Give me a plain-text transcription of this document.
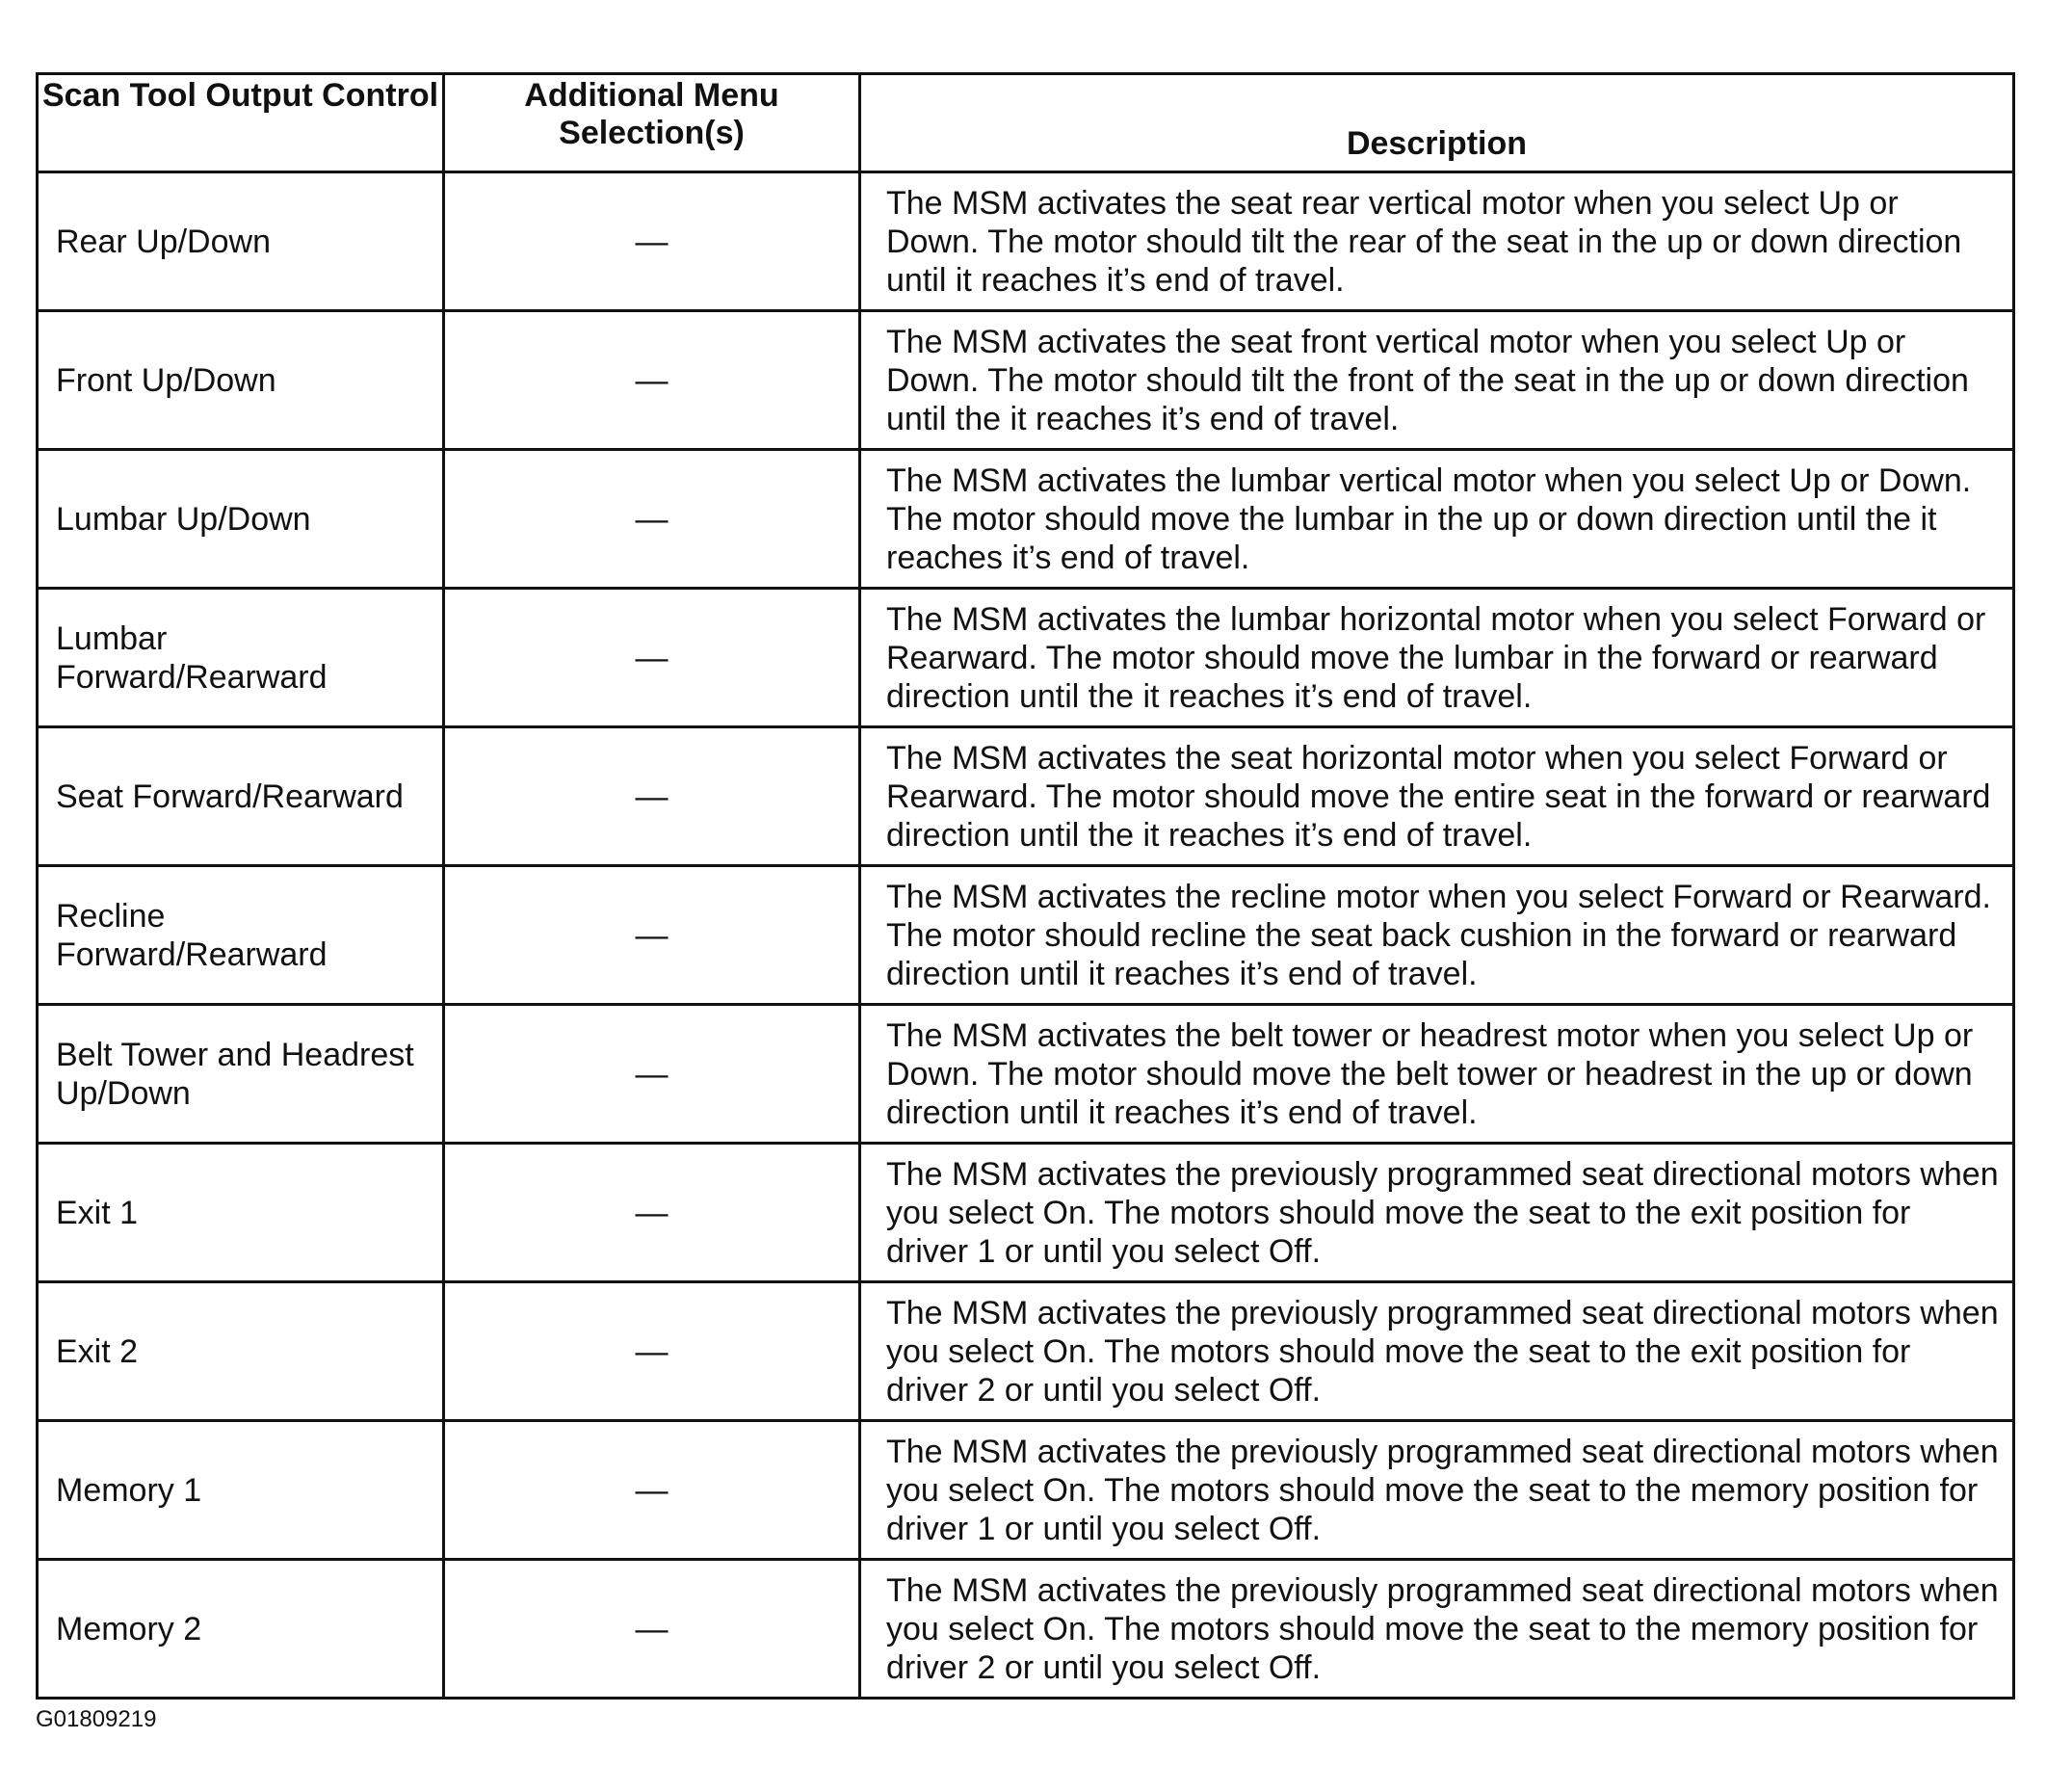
Scan Tool Output Control	Additional Menu Selection(s)	Description
Rear Up/Down	—	The MSM activates the seat rear vertical motor when you select Up or Down. The motor should tilt the rear of the seat in the up or down direction until it reaches it’s end of travel.
Front Up/Down	—	The MSM activates the seat front vertical motor when you select Up or Down. The motor should tilt the front of the seat in the up or down direction until the it reaches it’s end of travel.
Lumbar Up/Down	—	The MSM activates the lumbar vertical motor when you select Up or Down. The motor should move the lumbar in the up or down direction until the it reaches it’s end of travel.
Lumbar Forward/Rearward	—	The MSM activates the lumbar horizontal motor when you select Forward or Rearward. The motor should move the lumbar in the forward or rearward direction until the it reaches it’s end of travel.
Seat Forward/Rearward	—	The MSM activates the seat horizontal motor when you select Forward or Rearward. The motor should move the entire seat in the forward or rearward direction until the it reaches it’s end of travel.
Recline Forward/Rearward	—	The MSM activates the recline motor when you select Forward or Rearward. The motor should recline the seat back cushion in the forward or rearward direction until it reaches it’s end of travel.
Belt Tower and Headrest Up/Down	—	The MSM activates the belt tower or headrest motor when you select Up or Down. The motor should move the belt tower or headrest in the up or down direction until it reaches it’s end of travel.
Exit 1	—	The MSM activates the previously programmed seat directional motors when you select On. The motors should move the seat to the exit position for driver 1 or until you select Off.
Exit 2	—	The MSM activates the previously programmed seat directional motors when you select On. The motors should move the seat to the exit position for driver 2 or until you select Off.
Memory 1	—	The MSM activates the previously programmed seat directional motors when you select On. The motors should move the seat to the memory position for driver 1 or until you select Off.
Memory 2	—	The MSM activates the previously programmed seat directional motors when you select On. The motors should move the seat to the memory position for driver 2 or until you select Off.
G01809219
